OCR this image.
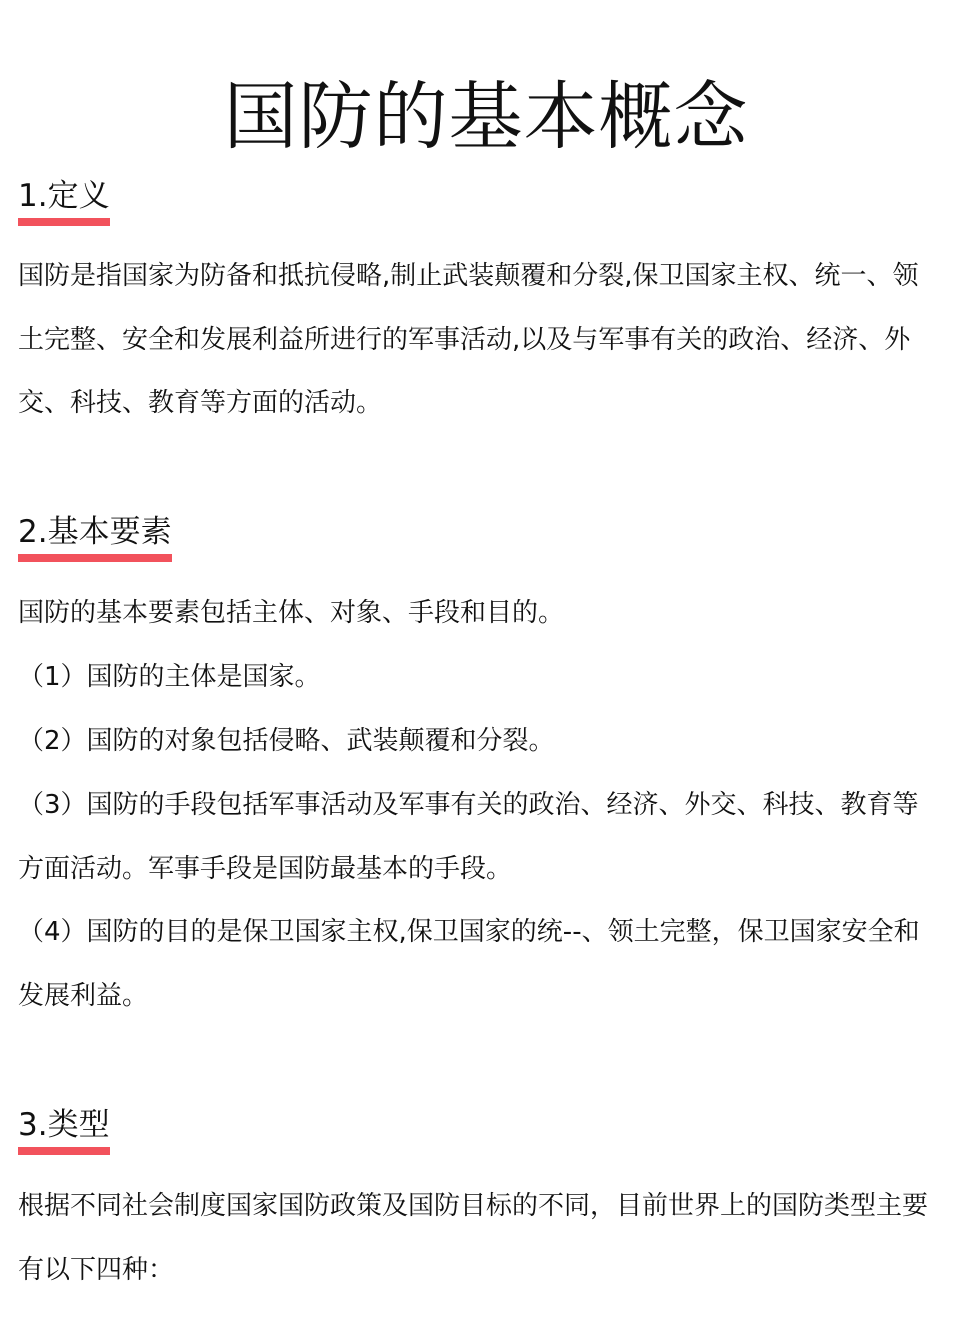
国防的基本概念
1.定义
国防是指国家为防备和抵抗侵略,制止武装颠覆和分裂,保卫国家主权、统一、领土完整、安全和发展利益所进行的军事活动,以及与军事有关的政治、经济、外交、科技、教育等方面的活动。
2.基本要素
国防的基本要素包括主体、对象、手段和目的。
（1）国防的主体是国家。
（2）国防的对象包括侵略、武装颠覆和分裂。
（3）国防的手段包括军事活动及军事有关的政治、经济、外交、科技、教育等方面活动。军事手段是国防最基本的手段。
（4）国防的目的是保卫国家主权,保卫国家的统--、领土完整，保卫国家安全和发展利益。
3.类型
根据不同社会制度国家国防政策及国防目标的不同，目前世界上的国防类型主要有以下四种：
